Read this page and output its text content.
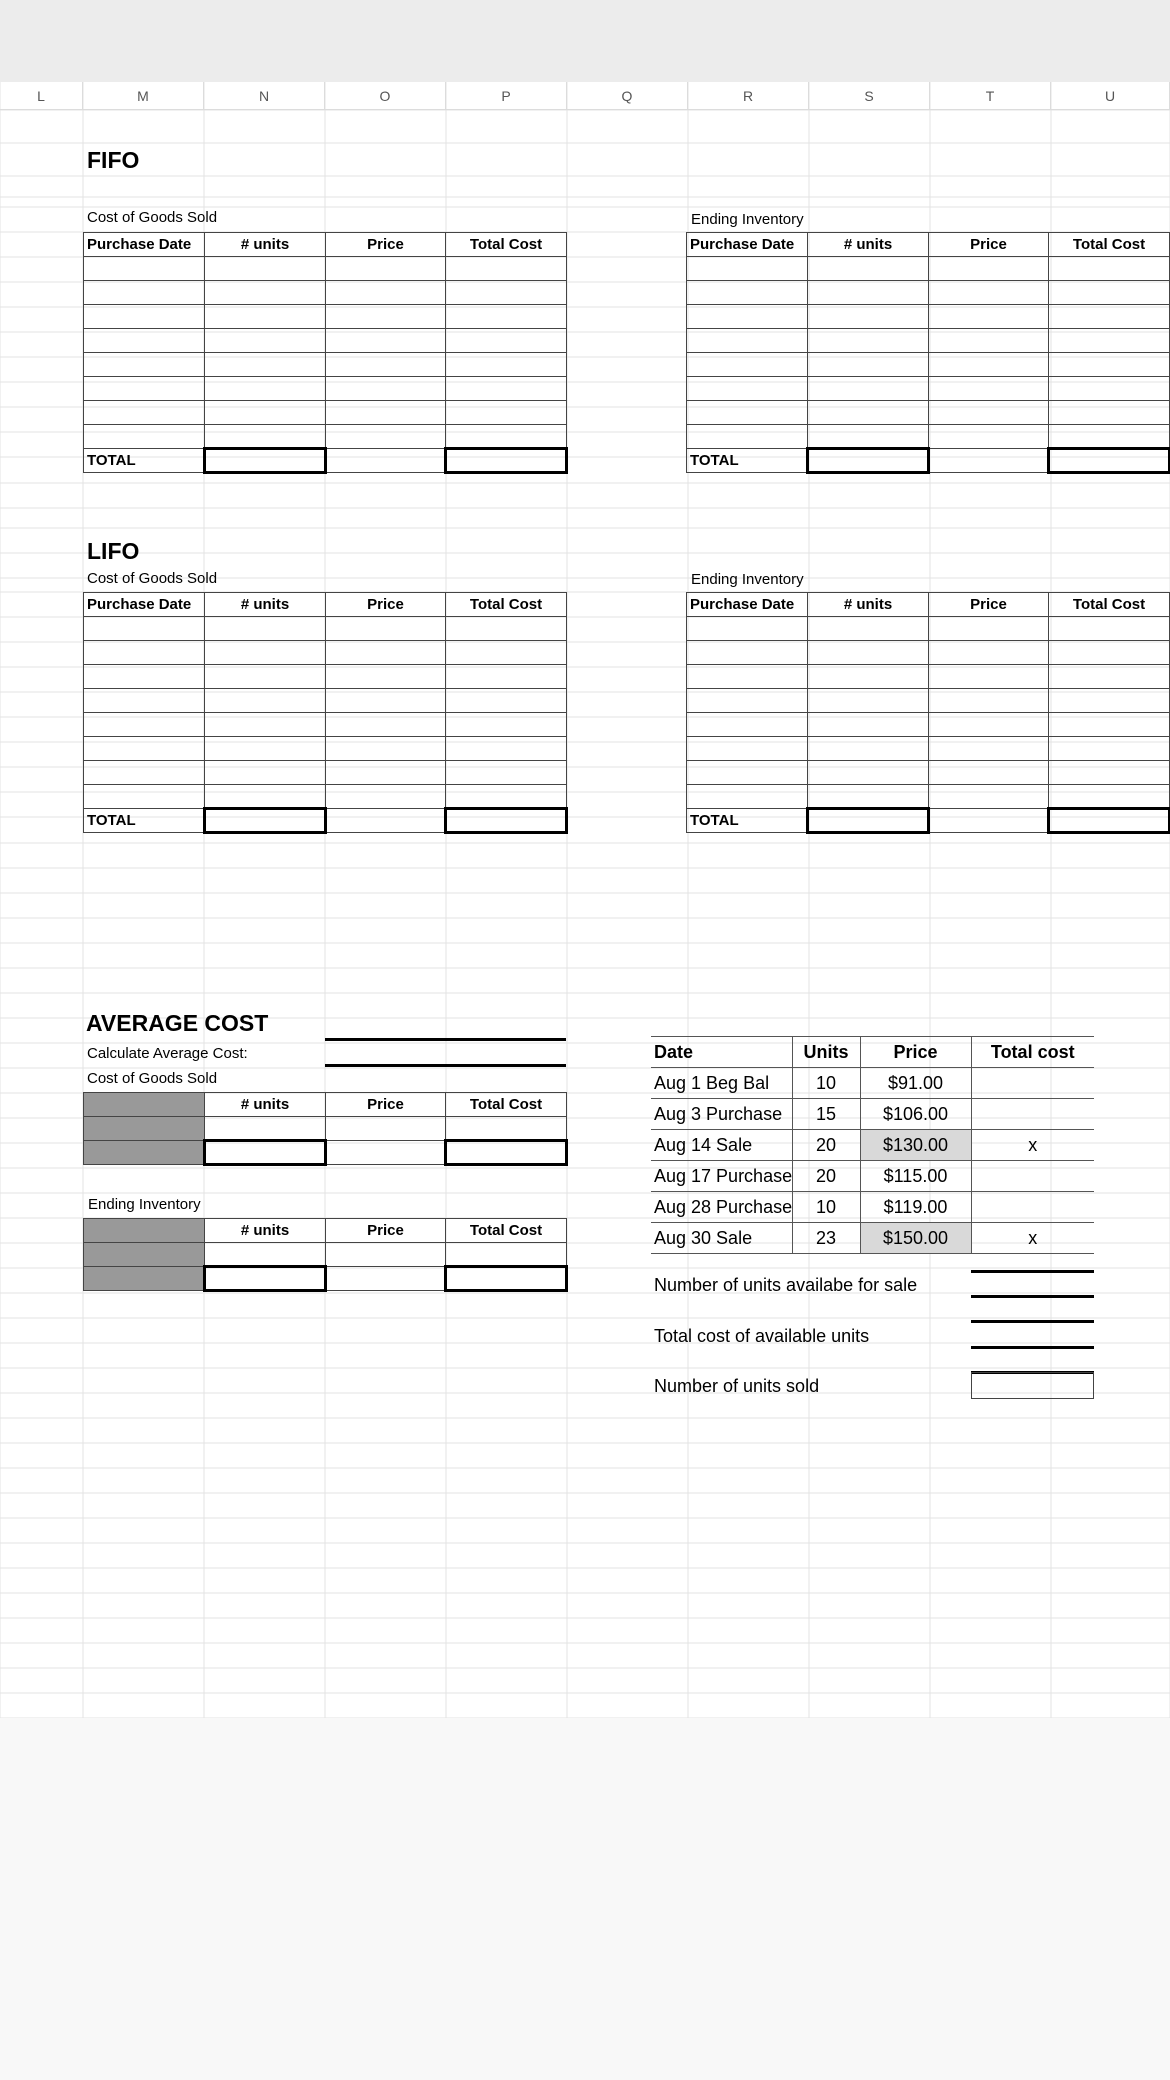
L	M	N	O	P	Q	R	S	T	U
FIFO
Cost of Goods Sold	Ending Inventory
Purchase Date	# units	Price	Total Cost

TOTAL			
Purchase Date	# units	Price	Total Cost

TOTAL			
LIFO
Cost of Goods Sold	Ending Inventory
Purchase Date	# units	Price	Total Cost

TOTAL			
Purchase Date	# units	Price	Total Cost

TOTAL			
AVERAGE COST
Calculate Average Cost:
Cost of Goods Sold
	# units	Price	Total Cost

Ending Inventory
	# units	Price	Total Cost

Date	Units	Price	Total cost
Aug 1 Beg Bal	10	$91.00	
Aug 3 Purchase	15	$106.00	
Aug 14 Sale	20	$130.00	x
Aug 17 Purchase	20	$115.00	
Aug 28 Purchase	10	$119.00	
Aug 30 Sale	23	$150.00	x
Number of units availabe for sale
Total cost of available units
Number of units sold
